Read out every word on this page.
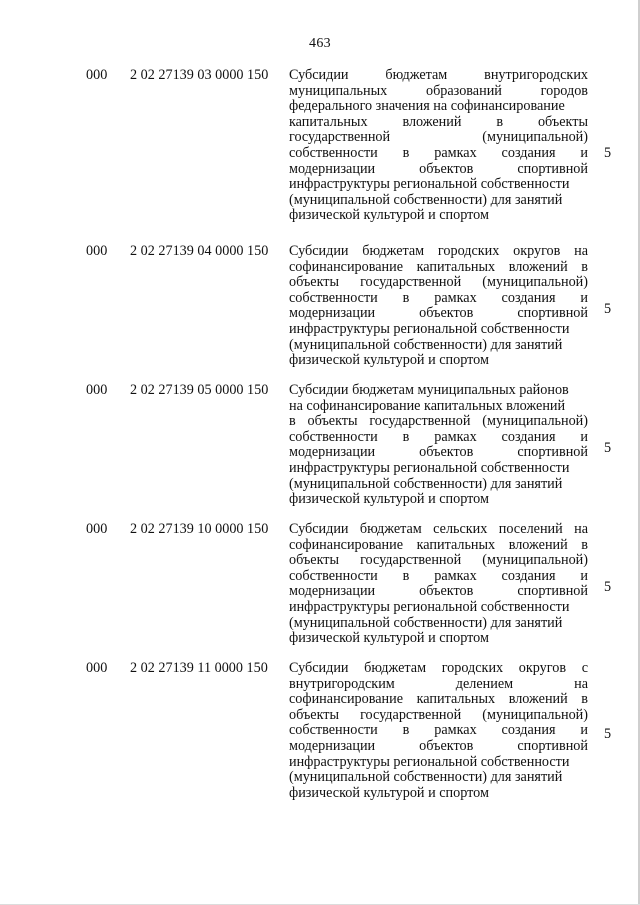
463
000 2 02 27139 03 0000 150 Субсидии бюджетам внутригородских
муниципальных образований городов
федерального значения на софинансирование
капитальных вложений в объекты
государственной (муниципальной)
собственности в рамках создания и
модернизации объектов спортивной
инфраструктуры региональной собственности
(муниципальной собственности) для занятий
физической культурой и спортом
5
000 2 02 27139 04 0000 150 Субсидии бюджетам городских округов на
софинансирование капитальных вложений в
объекты государственной (муниципальной)
собственности в рамках создания и
модернизации объектов спортивной
инфраструктуры региональной собственности
(муниципальной собственности) для занятий
физической культурой и спортом
5
000 2 02 27139 05 0000 150 Субсидии бюджетам муниципальных районов
на софинансирование капитальных вложений
в объекты государственной (муниципальной)
собственности в рамках создания и
модернизации объектов спортивной
инфраструктуры региональной собственности
(муниципальной собственности) для занятий
физической культурой и спортом
5
000 2 02 27139 10 0000 150 Субсидии бюджетам сельских поселений на
софинансирование капитальных вложений в
объекты государственной (муниципальной)
собственности в рамках создания и
модернизации объектов спортивной
инфраструктуры региональной собственности
(муниципальной собственности) для занятий
физической культурой и спортом
5
000 2 02 27139 11 0000 150 Субсидии бюджетам городских округов с
внутригородским делением на
софинансирование капитальных вложений в
объекты государственной (муниципальной)
собственности в рамках создания и
модернизации объектов спортивной
инфраструктуры региональной собственности
(муниципальной собственности) для занятий
физической культурой и спортом
5
